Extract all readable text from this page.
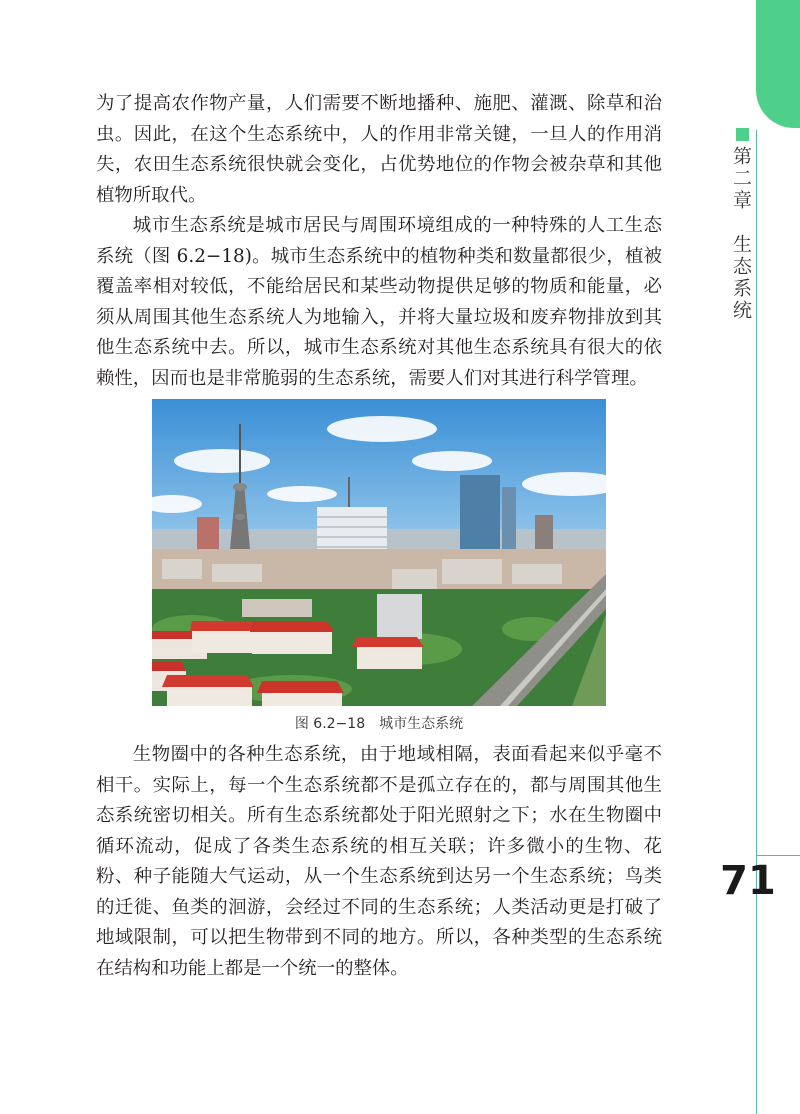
第二章　生态系统

为了提高农作物产量，人们需要不断地播种、施肥、灌溉、除草和治虫。因此，在这个生态系统中，人的作用非常关键，一旦人的作用消失，农田生态系统很快就会变化，占优势地位的作物会被杂草和其他植物所取代。

城市生态系统是城市居民与周围环境组成的一种特殊的人工生态系统（图 6.2−18)。城市生态系统中的植物种类和数量都很少，植被覆盖率相对较低，不能给居民和某些动物提供足够的物质和能量，必须从周围其他生态系统人为地输入，并将大量垃圾和废弃物排放到其他生态系统中去。所以，城市生态系统对其他生态系统具有很大的依赖性，因而也是非常脆弱的生态系统，需要人们对其进行科学管理。

图 6.2−18　城市生态系统

生物圈中的各种生态系统，由于地域相隔，表面看起来似乎毫不相干。实际上，每一个生态系统都不是孤立存在的，都与周围其他生态系统密切相关。所有生态系统都处于阳光照射之下；水在生物圈中循环流动，促成了各类生态系统的相互关联；许多微小的生物、花粉、种子能随大气运动，从一个生态系统到达另一个生态系统；鸟类的迁徙、鱼类的洄游，会经过不同的生态系统；人类活动更是打破了地域限制，可以把生物带到不同的地方。所以，各种类型的生态系统在结构和功能上都是一个统一的整体。

71
